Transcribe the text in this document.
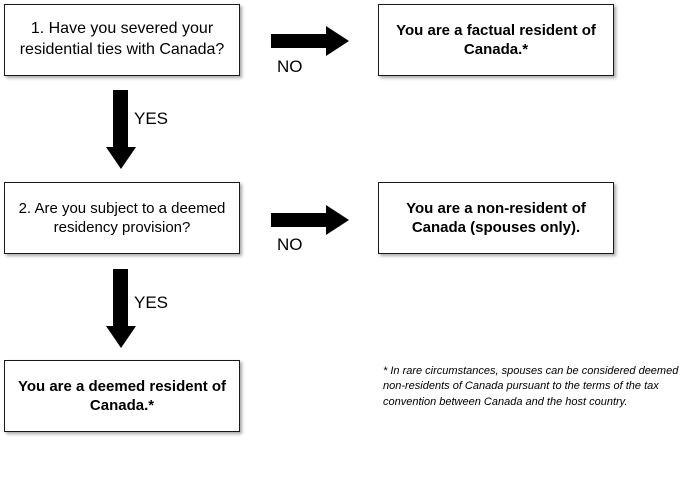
1. Have you severed your residential ties with Canada?
You are a factual resident of Canada.*
2. Are you subject to a deemed residency provision?
You are a non-resident of Canada (spouses only).
You are a deemed resident of Canada.*
NO
YES
NO
YES
* In rare circumstances, spouses can be considered deemed non-residents of Canada pursuant to the terms of the tax convention between Canada and the host country.
